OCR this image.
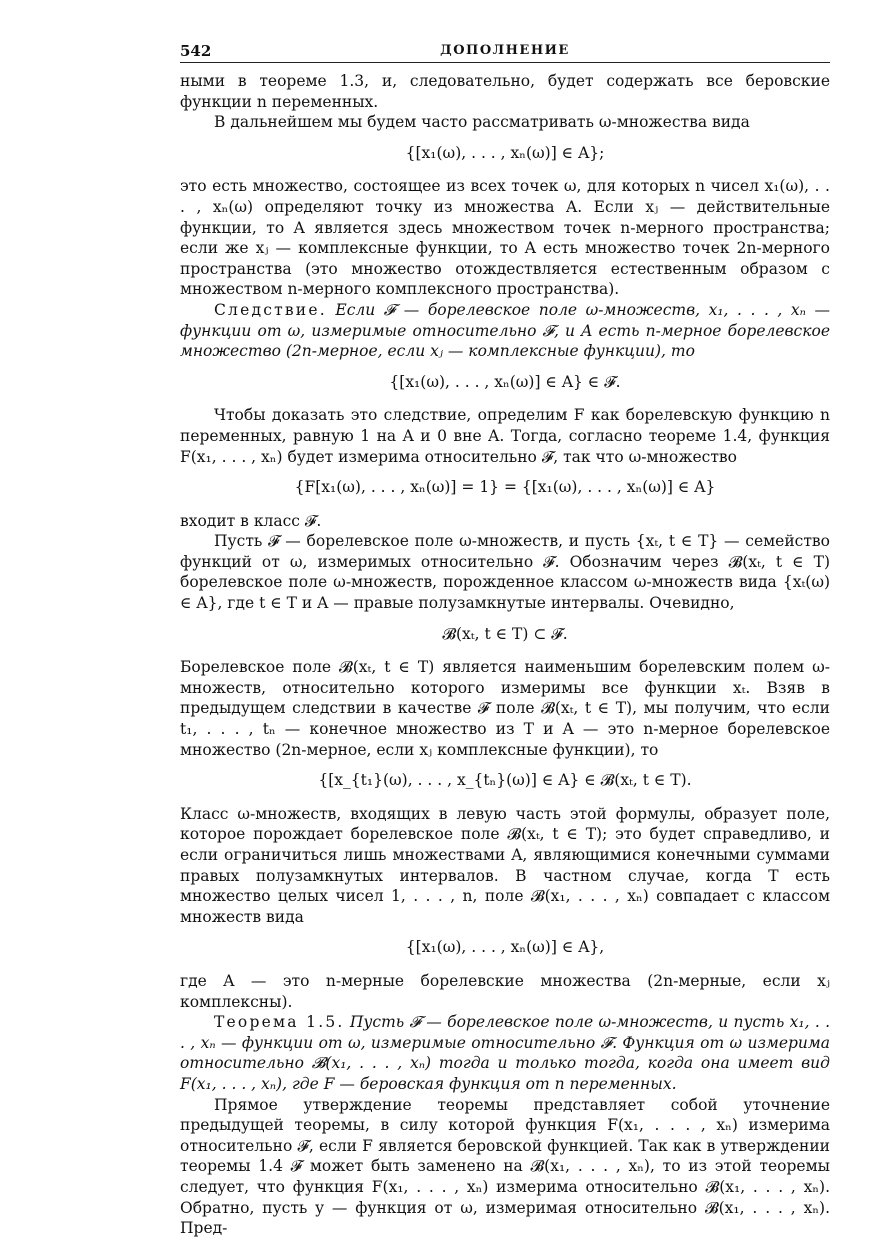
542	ДОПОЛНЕНИЕ

ными в теореме 1.3, и, следовательно, будет содержать все беровские функции n переменных.

В дальнейшем мы будем часто рассматривать ω-множества вида

{[x₁(ω), . . . , xₙ(ω)] ∈ A};

это есть множество, состоящее из всех точек ω, для которых n чисел x₁(ω), . . . , xₙ(ω) определяют точку из множества A. Если xⱼ — действительные функции, то A является здесь множеством точек n-мерного пространства; если же xⱼ — комплексные функции, то A есть множество точек 2n-мерного пространства (это множество отождествляется естественным образом с множеством n-мерного комплексного пространства).

Следствие. Если 𝓕 — борелевское поле ω-множеств, x₁, . . . , xₙ — функции от ω, измеримые относительно 𝓕, и A есть n-мерное борелевское множество (2n-мерное, если xⱼ — комплексные функции), то

{[x₁(ω), . . . , xₙ(ω)] ∈ A} ∈ 𝓕.

Чтобы доказать это следствие, определим F как борелевскую функцию n переменных, равную 1 на A и 0 вне A. Тогда, согласно теореме 1.4, функция F(x₁, . . . , xₙ) будет измерима относительно 𝓕, так что ω-множество

{F[x₁(ω), . . . , xₙ(ω)] = 1} = {[x₁(ω), . . . , xₙ(ω)] ∈ A}

входит в класс 𝓕.

Пусть 𝓕 — борелевское поле ω-множеств, и пусть {xₜ, t ∈ T} — семейство функций от ω, измеримых относительно 𝓕. Обозначим через 𝓑(xₜ, t ∈ T) борелевское поле ω-множеств, порожденное классом ω-множеств вида {xₜ(ω) ∈ A}, где t ∈ T и A — правые полузамкнутые интервалы. Очевидно,

𝓑(xₜ, t ∈ T) ⊂ 𝓕.

Борелевское поле 𝓑(xₜ, t ∈ T) является наименьшим борелевским полем ω-множеств, относительно которого измеримы все функции xₜ. Взяв в предыдущем следствии в качестве 𝓕 поле 𝓑(xₜ, t ∈ T), мы получим, что если t₁, . . . , tₙ — конечное множество из T и A — это n-мерное борелевское множество (2n-мерное, если xⱼ комплексные функции), то

{[x_{t₁}(ω), . . . , x_{tₙ}(ω)] ∈ A} ∈ 𝓑(xₜ, t ∈ T).

Класс ω-множеств, входящих в левую часть этой формулы, образует поле, которое порождает борелевское поле 𝓑(xₜ, t ∈ T); это будет справедливо, и если ограничиться лишь множествами A, являющимися конечными суммами правых полузамкнутых интервалов. В частном случае, когда T есть множество целых чисел 1, . . . , n, поле 𝓑(x₁, . . . , xₙ) совпадает с классом множеств вида

{[x₁(ω), . . . , xₙ(ω)] ∈ A},

где A — это n-мерные борелевские множества (2n-мерные, если xⱼ комплексны).

Теорема 1.5. Пусть 𝓕 — борелевское поле ω-множеств, и пусть x₁, . . . , xₙ — функции от ω, измеримые относительно 𝓕. Функция от ω измерима относительно 𝓑(x₁, . . . , xₙ) тогда и только тогда, когда она имеет вид F(x₁, . . . , xₙ), где F — беровская функция от n переменных.

Прямое утверждение теоремы представляет собой уточнение предыдущей теоремы, в силу которой функция F(x₁, . . . , xₙ) измерима относительно 𝓕, если F является беровской функцией. Так как в утверждении теоремы 1.4 𝓕 может быть заменено на 𝓑(x₁, . . . , xₙ), то из этой теоремы следует, что функция F(x₁, . . . , xₙ) измерима относительно 𝓑(x₁, . . . , xₙ). Обратно, пусть y — функция от ω, измеримая относительно 𝓑(x₁, . . . , xₙ). Пред-
